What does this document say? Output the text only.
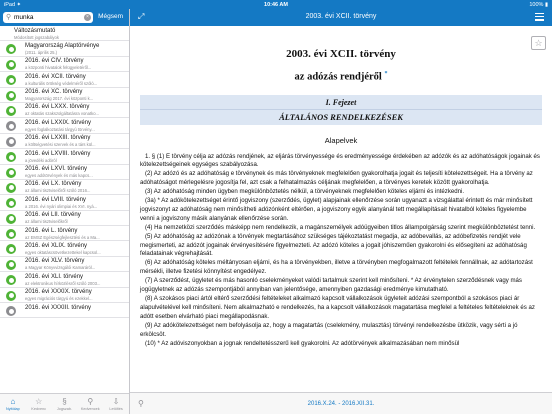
iPad ✦	10:46 AM	100% ▮
⚲ munka	×	Mégsem
Változásmutató
Módosított jogszabályok
Magyarország Alaptörvénye
(2011. április 25.)
2016. évi CIV. törvény
a központi hivatalok felügyeletéről...
2016. évi XCII. törvény
a kulturális örökség védelméről szóló...
2016. évi XC. törvény
Magyarország 2017. évi központi k...
2016. évi LXXX. törvény
az oktatás szakszolgáltatásra vonatko...
2016. évi LXXIX. törvény
egyes foglalkoztatási tárgyú törvény...
2016. évi LXXIII. törvény
a költségvetési szervek és a társ kül...
2016. évi LXVIII. törvény
a jövedéki adóról
2016. évi LXVI. törvény
egyes adótörvények és más kapcs...
2016. évi LX. törvény
az állami tisztviselőről szóló 2016...
2016. évi LVIII. törvény
a 2016. évi nyári olimpiai és XVI. nyá...
2016. évi LII. törvény
az állami tisztviselőkről
2016. évi L. törvény
az EMSZ Egészségfejlesztési és a Ma...
2016. évi XLIX. törvény
egyes oktatáscsövetkezettekel kapcsol...
2016. évi XLV. törvény
a Magyar Könyvvizsgálói Kamaráról...
2016. évi XLI. törvény
az elektronikus hírközlésről szóló 2003...
2016. évi XXXIX. törvény
egyes migrációs tárgyú és ezekkel...
2016. évi XXXIII. törvény
⌂
Nyitólap
☆
Kedvenc
§
Jogszab.
⚲
Kedvencek
⇩
Letöltés
⤢	2003. évi XCII. törvény
☆
2003. évi XCII. törvény
az adózás rendjéről *
I. Fejezet
ÁLTALÁNOS RENDELKEZÉSEK
Alapelvek

1. § (1) E törvény célja az adózás rendjének, az eljárás törvényessége és eredményessége érdekében az adózók és az adóhatóságok jogainak és kötelezettségeinek egységes szabályozása.

(2) Az adózó és az adóhatóság e törvénynek és más törvényeknek megfelelően gyakorolhatja jogait és teljesíti kötelezettségeit. Ha a törvény az adóhatóságot mérlegelésre jogosítja fel, azt csak a felhatalmazás céljának megfelelően, a törvényes keretek között gyakorolhatja.

(3) Az adóhatóság minden ügyben megkülönböztetés nélkül, a törvényeknek megfelelően köteles eljárni és intézkedni.

(3a) * Az adókötelezettséget érintő jogviszony (szerződés, ügylet) alapjainak ellenőrzése során ugyanazt a vizsgálattal érintett és már minősített jogviszonyt az adóhatóság nem minősítheti adózónként eltérően, a jogviszony egyik alanyánál tett megállapításait hivatalból köteles figyelembe venni a jogviszony másik alanyának ellenőrzése során.

(4) Ha nemzetközi szerződés másképp nem rendelkezik, a magánszemélyek adóügyeiben titlos állampolgárság szerint megkülönböztetést tenni.

(5) Az adóhatóság az adózónak a törvények megtartásához szükséges tájékoztatást megadja, az adóbevallás, az adóbefizetés rendjét vele megismerteti, az adózót jogainak érvényesítésére figyelmezteti. Az adózó köteles a jogait jóhiszeműen gyakorolni és elősegíteni az adóhatóság feladatainak végrehajtását.

(6) Az adóhatóság köteles méltányosan eljárni, és ha a törvényekben, illetve a törvényben megfogalmazott feltételek fennállnak, az adótartozást mérsékli, illetve fizetési könnyítést engedélyez.

(7) A szerződést, ügyletet és más hasonló cselekményeket valódi tartalmuk szerint kell minősíteni. * Az érvénytelen szerződésnek vagy más jogügyletnek az adózás szempontjából annyiban van jelentősége, amennyiben gazdasági eredménye kimutatható.

(8) A szokásos piaci ártól eltérő szerződési feltételeket alkalmazó kapcsolt vállalkozások ügyleteit adózási szempontból a szokásos piaci ár alapulvételével kell minősíteni. Nem alkalmazható e rendelkezés, ha a kapcsolt vállalkozások magatartása megfelel a feltételes feltételeknek és az adótt esetben elvárható piaci megállapodásnak.

(9) Az adókötelezettséget nem befolyásolja az, hogy a magatartás (cselekmény, mulasztás) törvényi rendelkezésbe ütközik, vagy sérti a jó erkölcsöt.

(10) * Az adóviszonyokban a jognak rendeltetésszerű kell gyakorolni. Az adótörvények alkalmazásában nem minősül

⚲	2016.X.24. - 2016.XII.31.
